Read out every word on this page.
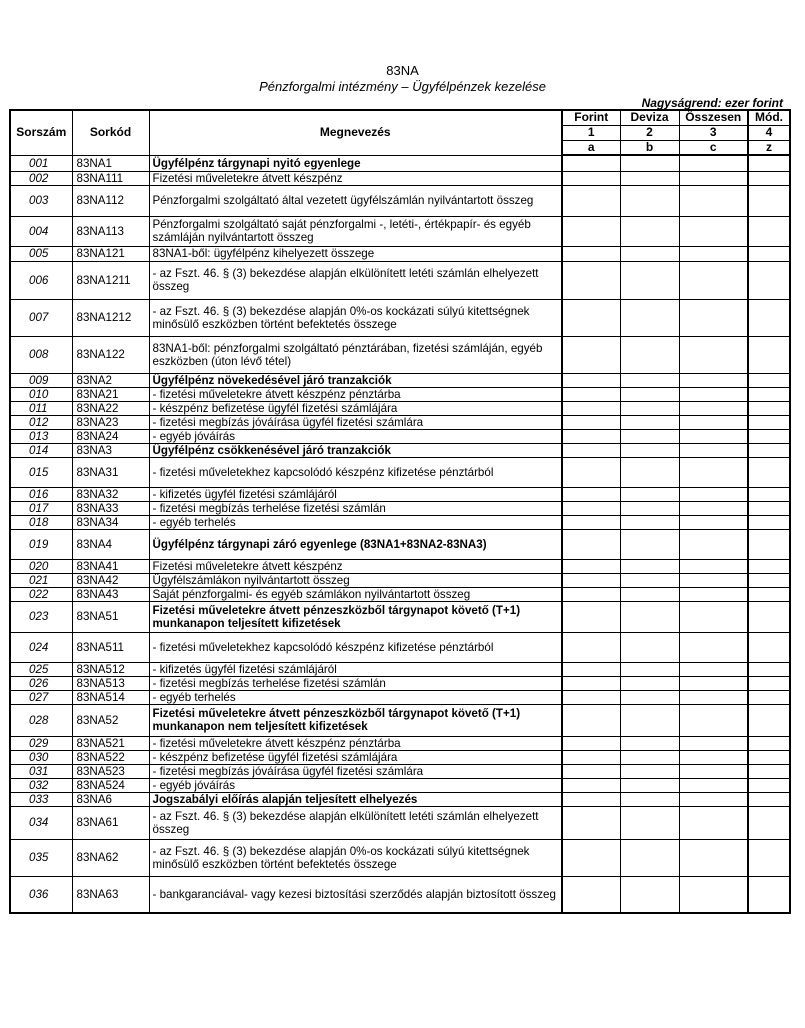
83NA
Pénzforgalmi intézmény – Ügyfélpénzek kezelése
Nagyságrend: ezer forint
Sorszám	Sorkód	Megnevezés	Forint	Deviza	Összesen	Mód.
			1	2	3	4
			a	b	c	z
001	83NA1	Ügyfélpénz tárgynapi nyitó egyenlege				
002	83NA111	Fizetési műveletekre átvett készpénz				
003	83NA112	Pénzforgalmi szolgáltató által vezetett ügyfélszámlán nyilvántartott összeg				
004	83NA113	Pénzforgalmi szolgáltató saját pénzforgalmi -, letéti-, értékpapír- és egyéb számláján nyilvántartott összeg				
005	83NA121	83NA1-ből: ügyfélpénz kihelyezett összege				
006	83NA1211	- az Fszt. 46. § (3) bekezdése alapján elkülönített letéti számlán elhelyezett összeg				
007	83NA1212	- az Fszt. 46. § (3) bekezdése alapján 0%-os kockázati súlyú kitettségnek minősülő eszközben történt befektetés összege				
008	83NA122	83NA1-ből: pénzforgalmi szolgáltató pénztárában, fizetési számláján, egyéb eszközben (úton lévő tétel)				
009	83NA2	Ügyfélpénz növekedésével járó tranzakciók				
010	83NA21	- fizetési műveletekre átvett készpénz pénztárba				
011	83NA22	- készpénz befizetése ügyfél fizetési számlájára				
012	83NA23	- fizetési megbízás jóváírása ügyfél fizetési számlára				
013	83NA24	- egyéb jóváírás				
014	83NA3	Ügyfélpénz csökkenésével járó tranzakciók				
015	83NA31	- fizetési műveletekhez kapcsolódó készpénz kifizetése pénztárból				
016	83NA32	- kifizetés ügyfél fizetési számlájáról				
017	83NA33	- fizetési megbízás terhelése fizetési számlán				
018	83NA34	- egyéb terhelés				
019	83NA4	Ügyfélpénz tárgynapi záró egyenlege (83NA1+83NA2-83NA3)				
020	83NA41	Fizetési műveletekre átvett készpénz				
021	83NA42	Ügyfélszámlákon nyilvántartott összeg				
022	83NA43	Saját pénzforgalmi- és egyéb számlákon nyilvántartott összeg				
023	83NA51	Fizetési műveletekre átvett pénzeszközből tárgynapot követő (T+1) munkanapon teljesített kifizetések				
024	83NA511	- fizetési műveletekhez kapcsolódó készpénz kifizetése pénztárból				
025	83NA512	- kifizetés ügyfél fizetési számlájáról				
026	83NA513	- fizetési megbízás terhelése fizetési számlán				
027	83NA514	- egyéb terhelés				
028	83NA52	Fizetési műveletekre átvett pénzeszközből tárgynapot követő (T+1) munkanapon nem teljesített kifizetések				
029	83NA521	- fizetési műveletekre átvett készpénz pénztárba				
030	83NA522	- készpénz befizetése ügyfél fizetési számlájára				
031	83NA523	- fizetési megbízás jóváírása ügyfél fizetési számlára				
032	83NA524	- egyéb jóváírás				
033	83NA6	Jogszabályi előírás alapján teljesített elhelyezés				
034	83NA61	- az Fszt. 46. § (3) bekezdése alapján elkülönített letéti számlán elhelyezett összeg				
035	83NA62	- az Fszt. 46. § (3) bekezdése alapján 0%-os kockázati súlyú kitettségnek minősülő eszközben történt befektetés összege				
036	83NA63	- bankgaranciával- vagy kezesi biztosítási szerződés alapján biztosított összeg				
